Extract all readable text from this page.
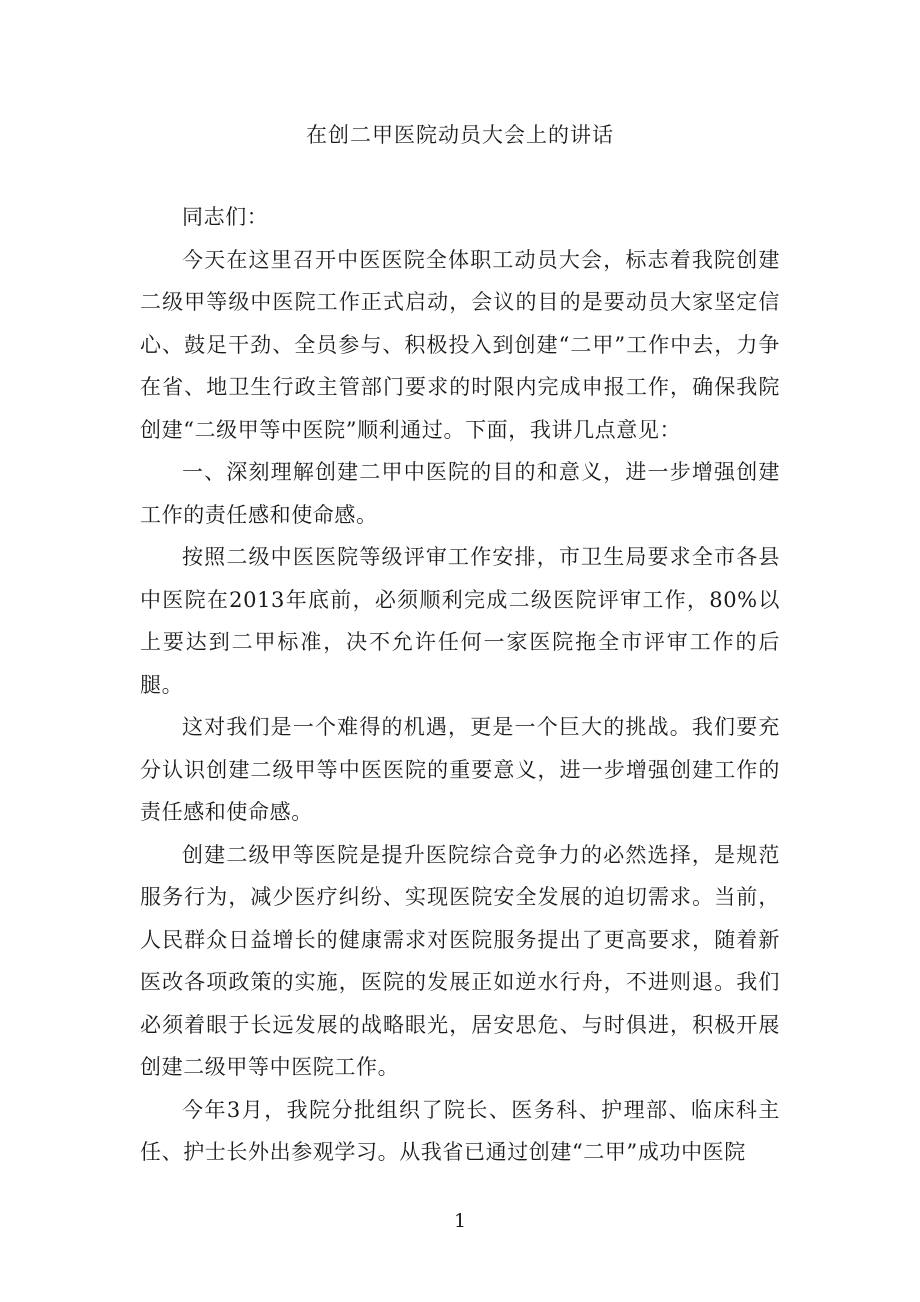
在创二甲医院动员大会上的讲话

同志们：

今天在这里召开中医医院全体职工动员大会，标志着我院创建二级甲等级中医院工作正式启动，会议的目的是要动员大家坚定信心、鼓足干劲、全员参与、积极投入到创建“二甲”工作中去，力争在省、地卫生行政主管部门要求的时限内完成申报工作，确保我院创建“二级甲等中医院”顺利通过。下面，我讲几点意见：

一、深刻理解创建二甲中医院的目的和意义，进一步增强创建工作的责任感和使命感。

按照二级中医医院等级评审工作安排，市卫生局要求全市各县中医院在2013年底前，必须顺利完成二级医院评审工作，80%以上要达到二甲标准，决不允许任何一家医院拖全市评审工作的后腿。

这对我们是一个难得的机遇，更是一个巨大的挑战。我们要充分认识创建二级甲等中医医院的重要意义，进一步增强创建工作的责任感和使命感。

创建二级甲等医院是提升医院综合竞争力的必然选择，是规范服务行为，减少医疗纠纷、实现医院安全发展的迫切需求。当前，人民群众日益增长的健康需求对医院服务提出了更高要求，随着新医改各项政策的实施，医院的发展正如逆水行舟，不进则退。我们必须着眼于长远发展的战略眼光，居安思危、与时俱进，积极开展创建二级甲等中医院工作。

今年3月，我院分批组织了院长、医务科、护理部、临床科主任、护士长外出参观学习。从我省已通过创建“二甲”成功中医院

1
